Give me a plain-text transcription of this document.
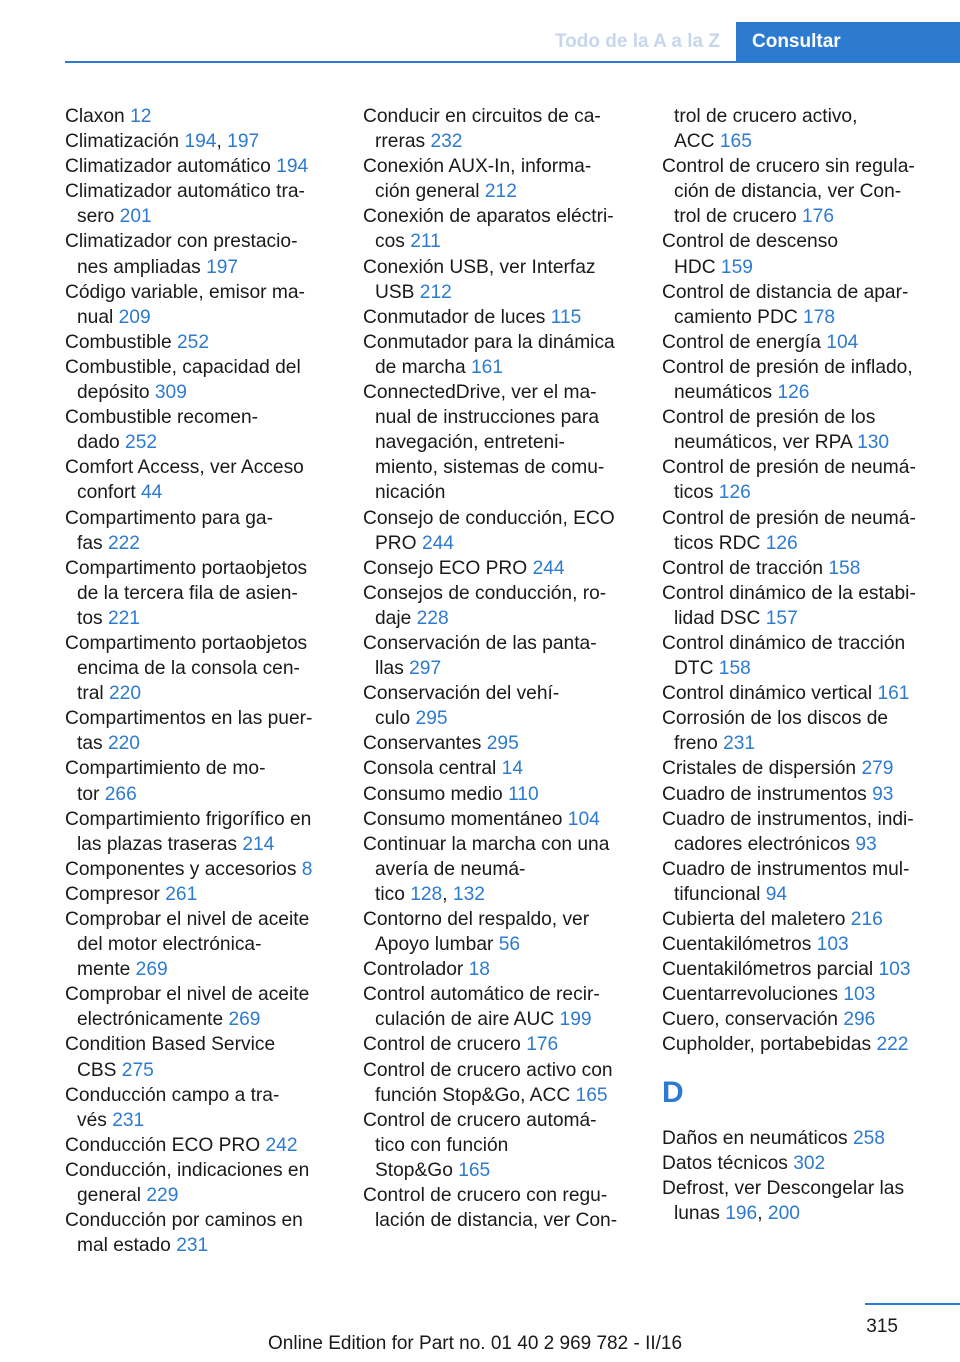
Todo de la A a la Z	Consultar
Claxon 12
Climatización 194, 197
Climatizador automático 194
Climatizador automático tra-
sero 201
Climatizador con prestacio-
nes ampliadas 197
Código variable, emisor ma-
nual 209
Combustible 252
Combustible, capacidad del
depósito 309
Combustible recomen-
dado 252
Comfort Access, ver Acceso
confort 44
Compartimento para ga-
fas 222
Compartimento portaobjetos
de la tercera fila de asien-
tos 221
Compartimento portaobjetos
encima de la consola cen-
tral 220
Compartimentos en las puer-
tas 220
Compartimiento de mo-
tor 266
Compartimiento frigorífico en
las plazas traseras 214
Componentes y accesorios 8
Compresor 261
Comprobar el nivel de aceite
del motor electrónica-
mente 269
Comprobar el nivel de aceite
electrónicamente 269
Condition Based Service
CBS 275
Conducción campo a tra-
vés 231
Conducción ECO PRO 242
Conducción, indicaciones en
general 229
Conducción por caminos en
mal estado 231
Conducir en circuitos de ca-
rreras 232
Conexión AUX-In, informa-
ción general 212
Conexión de aparatos eléctri-
cos 211
Conexión USB, ver Interfaz
USB 212
Conmutador de luces 115
Conmutador para la dinámica
de marcha 161
ConnectedDrive, ver el ma-
nual de instrucciones para
navegación, entreteni-
miento, sistemas de comu-
nicación
Consejo de conducción, ECO
PRO 244
Consejo ECO PRO 244
Consejos de conducción, ro-
daje 228
Conservación de las panta-
llas 297
Conservación del vehí-
culo 295
Conservantes 295
Consola central 14
Consumo medio 110
Consumo momentáneo 104
Continuar la marcha con una
avería de neumá-
tico 128, 132
Contorno del respaldo, ver
Apoyo lumbar 56
Controlador 18
Control automático de recir-
culación de aire AUC 199
Control de crucero 176
Control de crucero activo con
función Stop&Go, ACC 165
Control de crucero automá-
tico con función
Stop&Go 165
Control de crucero con regu-
lación de distancia, ver Con-
trol de crucero activo,
ACC 165
Control de crucero sin regula-
ción de distancia, ver Con-
trol de crucero 176
Control de descenso
HDC 159
Control de distancia de apar-
camiento PDC 178
Control de energía 104
Control de presión de inflado,
neumáticos 126
Control de presión de los
neumáticos, ver RPA 130
Control de presión de neumá-
ticos 126
Control de presión de neumá-
ticos RDC 126
Control de tracción 158
Control dinámico de la estabi-
lidad DSC 157
Control dinámico de tracción
DTC 158
Control dinámico vertical 161
Corrosión de los discos de
freno 231
Cristales de dispersión 279
Cuadro de instrumentos 93
Cuadro de instrumentos, indi-
cadores electrónicos 93
Cuadro de instrumentos mul-
tifuncional 94
Cubierta del maletero 216
Cuentakilómetros 103
Cuentakilómetros parcial 103
Cuentarrevoluciones 103
Cuero, conservación 296
Cupholder, portabebidas 222
D
Daños en neumáticos 258
Datos técnicos 302
Defrost, ver Descongelar las
lunas 196, 200
315
Online Edition for Part no. 01 40 2 969 782 - II/16
